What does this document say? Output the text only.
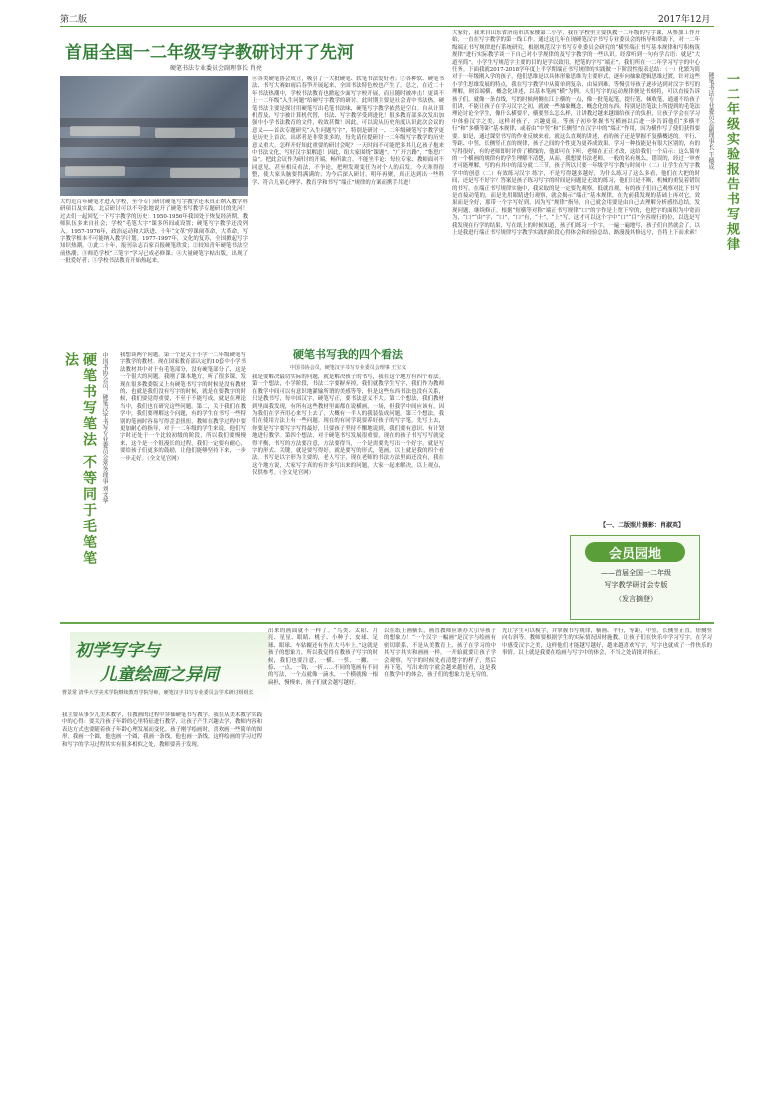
第二版	2017年12月
首届全国一二年级写字教研讨开了先河
硬笔书法专业委员会副理事长 肖亮
大约近百年硬笔才进入学校，至今专门研讨硬笔写字教学还未真正纳入教学科研项目及实践。北京研讨可以不夸张地说开了硬笔书写教学专题研讨的先河！过去们一起回忆一下写字教学的历史：1950-1956年我国处于恢复经济期，教师队伍多来自社会；学校“毛笔大字”课多所间或设置；硬笔写字教学还没列入。1957-1976年，政治运动和大跃进、十年“文革”停课闹革命，大革命，写字教学根本不可能纳入教学计划。1977-1997年，文化的复苏，全国掀起写字知识热潮。①此二十年，报刊杂志百家百报硬笔欣赏；②较知青年硬笔书法空前热潮；③师范学校“三笔字”学习已成必修课；④大量硬笔字帖出版，出现了一批爱好者；⑤学校书法教育开始热起来。
⑥各类硬笔协会成立，吸引了一大批硬笔、软笔书法爱好者；⑦各种软、硬笔书法、书写大赛如雨后春笋开展起来，全国书法特色校也产生了。总之，在近二十年书法热潮中，学校书法教育也掀起少面写字校开展，而且随时被冲击！更谈不上一二年级“入生问题”给硬写字教学的研讨。此时期主要是社会青中书法热，硬笔书法主要是探讨用硬笔写出毛笔书法味，硬笔写字教学依然是空白。自从计算机普及，写字被计算机代替，书法、写字教学受到进化！很多教育部多次发出加强中小学书法教育的文件，收效甚微！因此，可以说从历史角度认识此次会议的意义——首次专题研究“入生问题写字”，特别是研讨一、二年级硬笔写字教学更是历史上首次。出席者是非常张多的，每先请位提研讨一二年级写字教学的历史意义重大。怎样开好知此重要的研讨会呢？一天时间不可能把多其几亿孩子抱来中书法文化、写好汉字果解道！因此，组大家围绕“课题”，“广开言路”，“集思广益”，把此会议作为研讨的开端。畅所欲言，不能坐半论：每位专家、教师面对不同意见，甚至相反看法，不争论，把理发观变任为对个人的启发。今天寒得很整，使大家头脑要得满满的；为今后深入研讨，明年再聚，真正达到出一些科学、符合儿童心理学、教育学和书写“端正”规律的方案而携手共进！	一二年级实验报告书写规律
硬笔书法专业委员会副理事长 王德成
大家好，我来自山东省济南市洪家楼第二小学，我在学校里主要执教一二年级的写字课，从参加工作开始，一直在写字教学的第一线工作。通过这几年在现硬笔汉字书写专业委员会的指导和帮助下，对一二年级端正书写规律进行系统研究，根据规范汉字书写专业委员会研究的“横竖端正书写基本规律和写积构筑规律”进行实际教学谈一下自己对小学规律的及写字教学的一些认识。经常听到一句有学古语：就是“大道至简”，小学生写规范字主要的目的是学以致用，把笔的字写“端正”，我们所在一二年学习写字的中心任务。下面我就2017-2018学年度上半学期端正书写规律的实践做一下阶段性报表总结：（一）化繁为简 对于一年级刚入学的孩子，他们思维是以具体形象思维为主要形式，逐步向抽象逻辑思维过渡，针对这些小学生思维发展的特点，我在写字教学中从简单到复杂，由易到难，等慢引导孩子逐步达到对汉字书写的理解，则首端横，概念化讲述，以基本笔画“横”为例。人们写字的运动规律便是书刻将，可以直接告诉孩子们，就像一条直线，写的时候两侧在江上横的一点，像一批笔起笔，提行笔，倾收笔，通通不给孩子们讲，不能让孩子在学习汉字之初，就被一些抽象概念、概念化的东西，特别是语笔法上所提到的毛笔法理论讨论全学生，像什么横要平，横要竖么怎么样，让讲教过越来越细给孩子的负担，让孩子学会在学习中体验汉字之美，这样对孩子，兴趣更高。等孩子初步掌握书写横画以后进一步告诉他们“多横平行”和“多横等距”基本规律，或着由“中竖”和“长侧竖”在汉字中的“端正”作用，因为横作写了使们获得要要。如是，通过课堂书写的作业反映来看，就这么直观的讲述，看的孩子还是掌握不复横概述的。平行、等距、中竖，长侧竖正直的规律，孩子之间的个性更为更养成效果。学习一种技能是有很大区别的，有的写得很好，有的老师即时评价了横线的，他却可在下听，老师在正正才改，这给我们一个启示：这么简单的一个横画的规律有的学生理解不清楚，从而，我想要书法老师，一般的名有规么，错误的，经过一审查才可能理解，写的有其中的部分就二三节，孩子所以只要一年级学写字教与时间中（二）让学生在写字教学中的创意（二）有效练习汉字 练字，不是写得越多越好，为什么练习了这么多看，他们在大把的时间，还是写不好字？答案是孩子练习写字的时间是问题是无效的练习，他们只是不断，机械的重复着错误的书写。在端正书写规律实施中，我采取的是一定要先观察，低就直观，有的孩子们自己观察对比下书写是直接动笔的，而是先用眼睛进行观察，就会揭示“端正”基本规律，在先前我发现的基础上再对它，效果而是全好，那带一个字写好到，因为写“规律”指导，自己就会用要是由自己去理解分析感悟总结，发现问题，继续修正。根据“短横等对称”端正书写规律“口”的字作是上宽下窄的，也把字的面积为中宽而为，“口”“由”字，“口”，“口”有，“十”，“上”写，这才可以这个字中“口”“目”全容规行的位，以选是写我发现在行学的结果，写在纸上的时候知道，孩子们练习一个字，一遍一遍地写，孩子们自然就会了，以上是我进行端正书写规律写字教学实践的阶段心得体会和经验总结，路漫漫其修远兮，吾将上下而求索！
【一、二版照片摄影：肖淑英】
硬笔书写我的四个看法
中国书协会员，硬笔汉字书写专业委员会理事 王宝义
我是要解决最切实际的问题，就是解决孩子的书写，我在这个地方有四个看法。第一个想法，小学阶段，书法二字要摒弃掉，我们就教学生写字，我们作为教师在教学中间可以有意识地灌输所谓的美感等等，但是这些东西书法也没有关系，只是教书写，每中国汉字，硬笔写正，要书法意义不大。第二个想法，我们教材到里面我发现，有所有这些教材里面都在说横画，一场，但我学中间应该有，因为我们在学齐用心来写上去了，大概有一半人的我装装成问题。第三个想法，我们在使用方法上有一些问题。现在的有同学说要养好孩子的写字笔，先写上去，你要是写字要写字写得最好，只要孩子坚持不懈地说到，我们要有意识、有计划地进行教学。第四个想法，对于硬笔书写发展很重要，现在的孩子书写写写就觉得平衡，书写的方法要注意，方法要得当，一个是需要先写出一个好字，就是写字的形式、关键，就是要写得好。就是要写的形式，笔画，以上就是我的四个看法。书写是以字形为主要的，老人写字，现在老师的书法方法里面还没有，我在这个地方说，大家写字真的有许多写出来的问题，大家一起来解决。以上观点，仅供参考。（全文见官网）
硬笔书写笔法 不等同于毛笔笔法	中国书协会员，硬笔汉字书写专业委员会常务理事 刘文华 我想谈两个问题。第一个是关于小学一二年级硬笔写字教学的教材。现在国家教育部认定的10套中小学书法教材其中对于有毛笔部分，没有硬笔部分了，这是一个很大的问题。我刚了课本地方，听了很多课，发现在很多教委版义上有硬笔书写字的时候是没有教材的，也就是我们没有写字的时候，就是在要教字的时候，我们要觉得重要，不至于不能写成，就是在理论当中，我们也在研究这些问题。第二，关于我们在教学中，我们要理解这个问题，有的学生在书写一些特别的笔画时容易写得歪歪扭扭，教师在教学过程中要更加耐心的指导，对于一二年级的学生来说，他们写字时还处于一个比较初级的阶段，所以我们要慢慢来，这个是一个很漫长的过程，我们一定要有耐心，要给孩子们更多的鼓励，让他们能够坚持下来，一步一步走好。（全文见官网）
会员园地
——首届全国一二年级
写字教学研讨会专版
（发言摘登）
初学写字与
儿童绘画之异同
曹景常 清华大学美术学院继续教育学院导师，硬笔汉字书写专业委员会学术研讨组组长
我主要从事少儿美术教学，在教画的过程中穿插硬笔书写教学。我在从美术教学实践中的心得：要关注孩子年龄的心里特征进行教学，让孩子产生兴趣去学，教师内容和表达方式也要随着孩子年龄心理发展而变化。孩子刚学绘画时，喜欢画一些简单的图形，我画一个圆，他也画一个圆，我画一条线，他也画一条线，这样绘画的学习过程和写字的学习过程其实有很多相似之处，教师要善于发现。
出来的画面就不一样了。“鸟类、太阳、月亮、星星、眼睛、桃子、小种子、皮球、足球、眼球、车轱辘还有坐在大马车上。”这就是孩子的想象力，所以我觉得在教孩子写字的时候，我们也要注意，一横、一竖、一撇、一捺、一点、一钩、一折……不同的笔画有不同的写法，一个点就像一滴水，一个横就像一根扁担，慢慢来，孩子们就会越写越好。
以在纸上画横长，画直教师应该办大引导孩子的想象力！“一个汉字一幅画”是汉字与绘画有密切联系，不是从美教育上，孩子在学习的中其写字其实和画画一样，一开始就要让孩子学会观察，写字的时候先看清楚字的样子，然后再下笔，写出来的字就会越来越好看，这是我在教学中的体会，孩子们的想象力是无穷的。
先让学生可以模字，并掌握书写规律，横画、平行，等距，中竖，长侧竖正直，短侧竖向右斜等。教师要根据学生的实际情况因材施教，让孩子们在快乐中学习写字，在学习中感受汉字之美，这样他们才能越写越好，越来越喜欢写字，写字也就成了一件快乐的事情。以上就是我要在绘画与写字中的体会，不当之处请批评指正。
